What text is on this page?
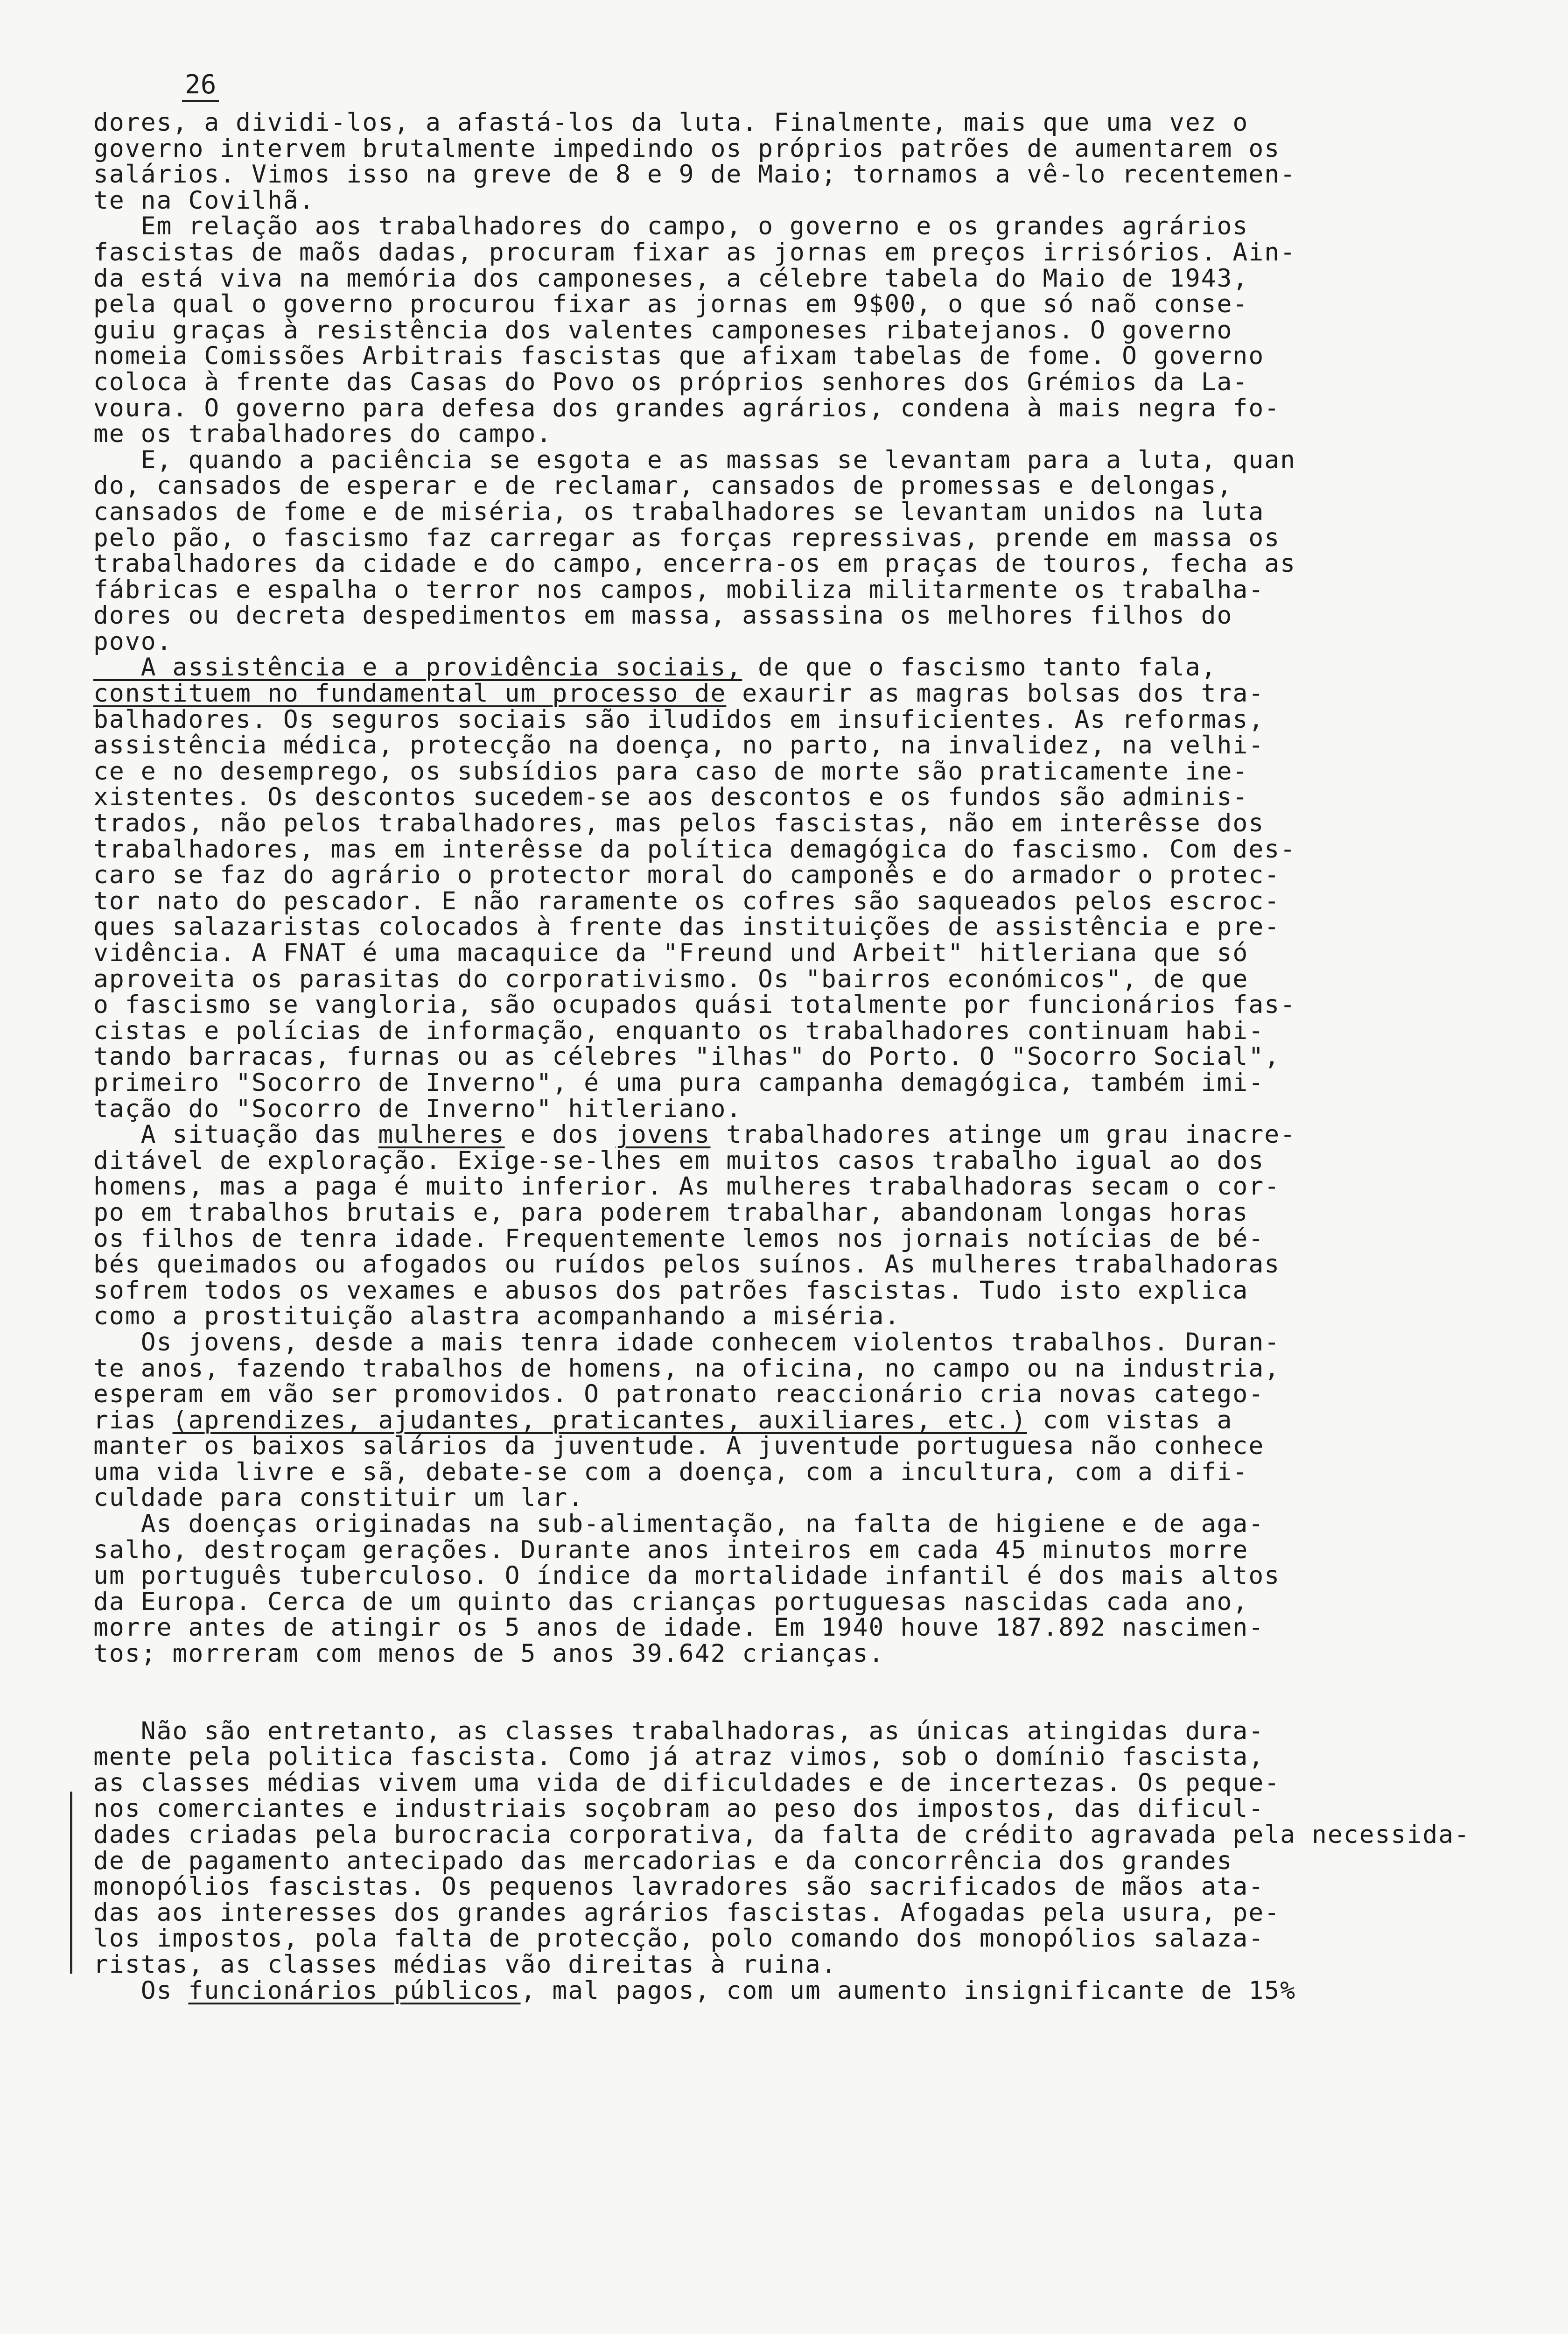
26
dores, a dividi-los, a afastá-los da luta. Finalmente, mais que uma vez o
governo intervem brutalmente impedindo os próprios patrões de aumentarem os
salários. Vimos isso na greve de 8 e 9 de Maio; tornamos a vê-lo recentemen-
te na Covilhã.
Em relação aos trabalhadores do campo, o governo e os grandes agrários
fascistas de maõs dadas, procuram fixar as jornas em preços irrisórios. Ain-
da está viva na memória dos camponeses, a célebre tabela do Maio de 1943,
pela qual o governo procurou fixar as jornas em 9$00, o que só naõ conse-
guiu graças à resistência dos valentes camponeses ribatejanos. O governo
nomeia Comissões Arbitrais fascistas que afixam tabelas de fome. O governo
coloca à frente das Casas do Povo os próprios senhores dos Grémios da La-
voura. O governo para defesa dos grandes agrários, condena à mais negra fo-
me os trabalhadores do campo.
E, quando a paciência se esgota e as massas se levantam para a luta, quan
do, cansados de esperar e de reclamar, cansados de promessas e delongas,
cansados de fome e de miséria, os trabalhadores se levantam unidos na luta
pelo pão, o fascismo faz carregar as forças repressivas, prende em massa os
trabalhadores da cidade e do campo, encerra-os em praças de touros, fecha as
fábricas e espalha o terror nos campos, mobiliza militarmente os trabalha-
dores ou decreta despedimentos em massa, assassina os melhores filhos do
povo.
A assistência e a providência sociais, de que o fascismo tanto fala,
constituem no fundamental um processo de exaurir as magras bolsas dos tra-
balhadores. Os seguros sociais são iludidos em insuficientes. As reformas,
assistência médica, protecção na doença, no parto, na invalidez, na velhi-
ce e no desemprego, os subsídios para caso de morte são praticamente ine-
xistentes. Os descontos sucedem-se aos descontos e os fundos são adminis-
trados, não pelos trabalhadores, mas pelos fascistas, não em interêsse dos
trabalhadores, mas em interêsse da política demagógica do fascismo. Com des-
caro se faz do agrário o protector moral do camponês e do armador o protec-
tor nato do pescador. E não raramente os cofres são saqueados pelos escroc-
ques salazaristas colocados à frente das instituições de assistência e pre-
vidência. A FNAT é uma macaquice da "Freund und Arbeit" hitleriana que só
aproveita os parasitas do corporativismo. Os "bairros económicos", de que
o fascismo se vangloria, são ocupados quási totalmente por funcionários fas-
cistas e polícias de informação, enquanto os trabalhadores continuam habi-
tando barracas, furnas ou as célebres "ilhas" do Porto. O "Socorro Social",
primeiro "Socorro de Inverno", é uma pura campanha demagógica, também imi-
tação do "Socorro de Inverno" hitleriano.
A situação das mulheres e dos jovens trabalhadores atinge um grau inacre-
ditável de exploração. Exige-se-lhes em muitos casos trabalho igual ao dos
homens, mas a paga é muito inferior. As mulheres trabalhadoras secam o cor-
po em trabalhos brutais e, para poderem trabalhar, abandonam longas horas
os filhos de tenra idade. Frequentemente lemos nos jornais notícias de bé-
bés queimados ou afogados ou ruídos pelos suínos. As mulheres trabalhadoras
sofrem todos os vexames e abusos dos patrões fascistas. Tudo isto explica
como a prostituição alastra acompanhando a miséria.
Os jovens, desde a mais tenra idade conhecem violentos trabalhos. Duran-
te anos, fazendo trabalhos de homens, na oficina, no campo ou na industria,
esperam em vão ser promovidos. O patronato reaccionário cria novas catego-
rias (aprendizes, ajudantes, praticantes, auxiliares, etc.) com vistas a
manter os baixos salários da juventude. A juventude portuguesa não conhece
uma vida livre e sã, debate-se com a doença, com a incultura, com a difi-
culdade para constituir um lar.
As doenças originadas na sub-alimentação, na falta de higiene e de aga-
salho, destroçam gerações. Durante anos inteiros em cada 45 minutos morre
um português tuberculoso. O índice da mortalidade infantil é dos mais altos
da Europa. Cerca de um quinto das crianças portuguesas nascidas cada ano,
morre antes de atingir os 5 anos de idade. Em 1940 houve 187.892 nascimen-
tos; morreram com menos de 5 anos 39.642 crianças.
Não são entretanto, as classes trabalhadoras, as únicas atingidas dura-
mente pela politica fascista. Como já atraz vimos, sob o domínio fascista,
as classes médias vivem uma vida de dificuldades e de incertezas. Os peque-
nos comerciantes e industriais soçobram ao peso dos impostos, das dificul-
dades criadas pela burocracia corporativa, da falta de crédito agravada pela necessida-
de de pagamento antecipado das mercadorias e da concorrência dos grandes
monopólios fascistas. Os pequenos lavradores são sacrificados de mãos ata-
das aos interesses dos grandes agrários fascistas. Afogadas pela usura, pe-
los impostos, pola falta de protecção, polo comando dos monopólios salaza-
ristas, as classes médias vão direitas à ruina.
Os funcionários públicos, mal pagos, com um aumento insignificante de 15%
